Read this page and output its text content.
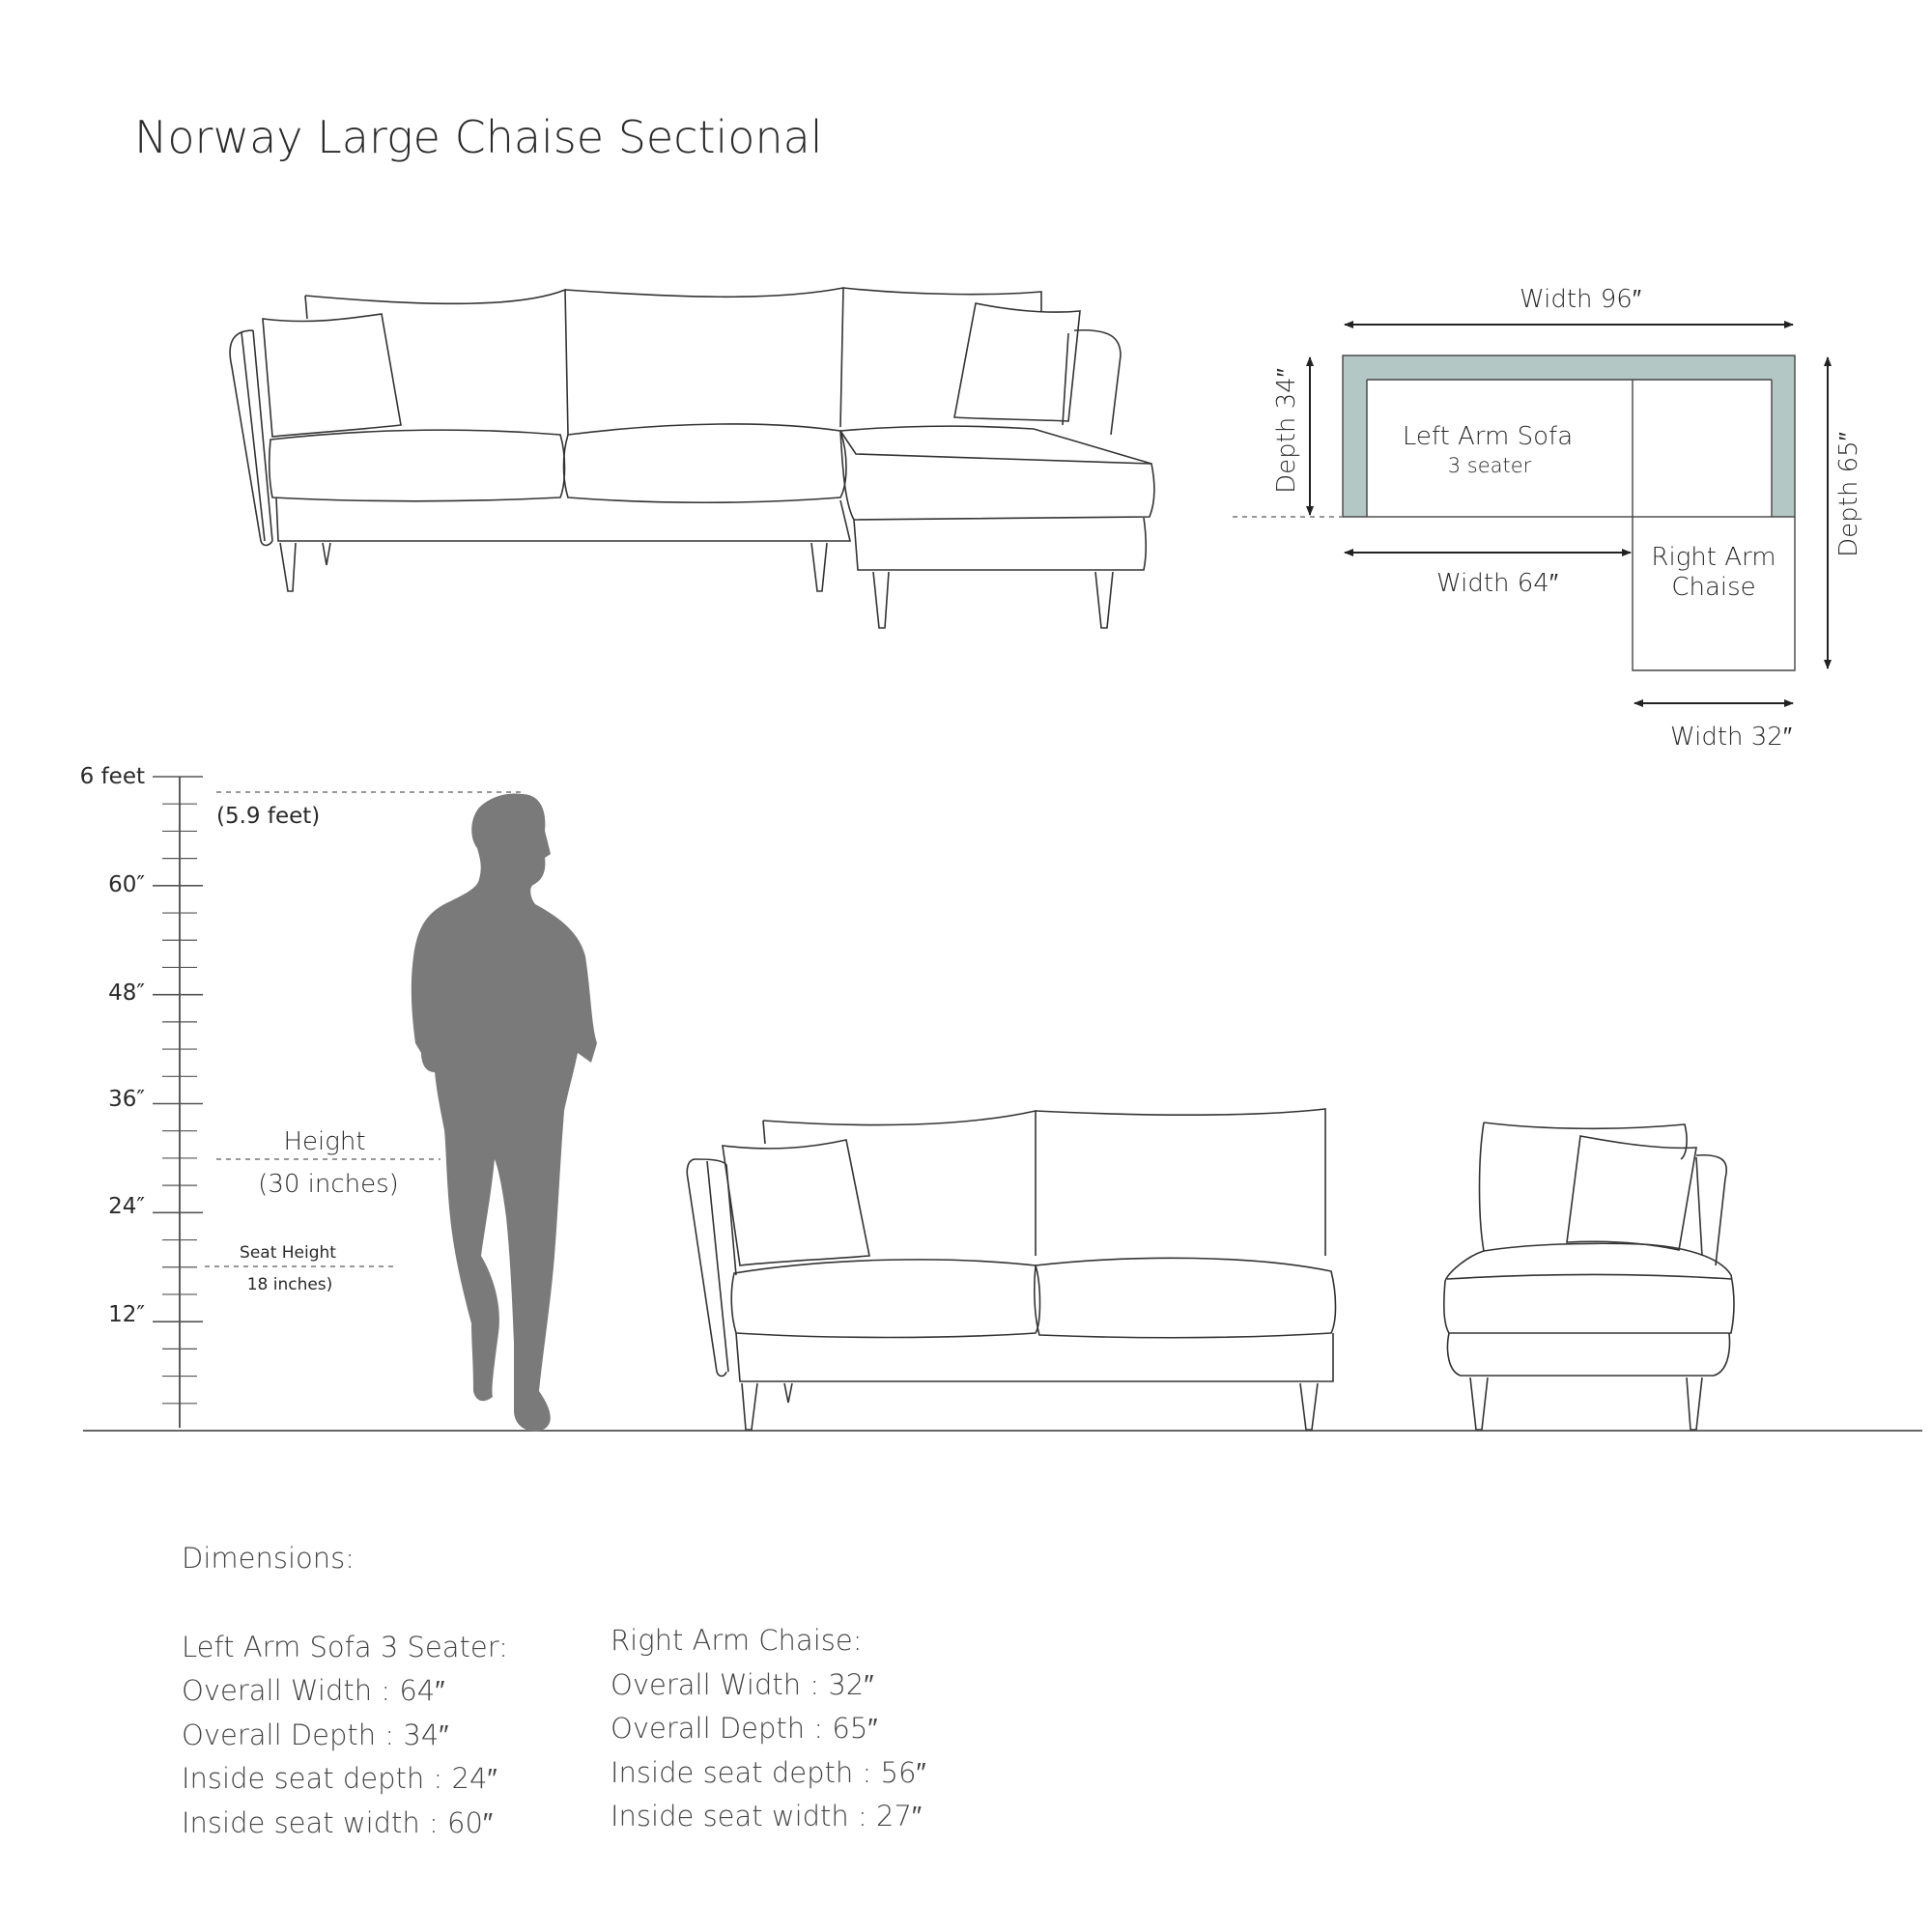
Norway Large Chaise Sectional
Width 96″
Depth 34″
Width 64″
Depth 65″
Width 32″
Left Arm Sofa
3 seater
Right Arm
Chaise
6 feet
60″
48″
36″
24″
12″
(5.9 feet)
Height
(30 inches)
Seat Height
18 inches)
Dimensions:
Left Arm Sofa 3 Seater:
Overall Width : 64″
Overall Depth : 34″
Inside seat depth : 24″
Inside seat width : 60″
Right Arm Chaise:
Overall Width : 32″
Overall Depth : 65″
Inside seat depth : 56″
Inside seat width : 27″
